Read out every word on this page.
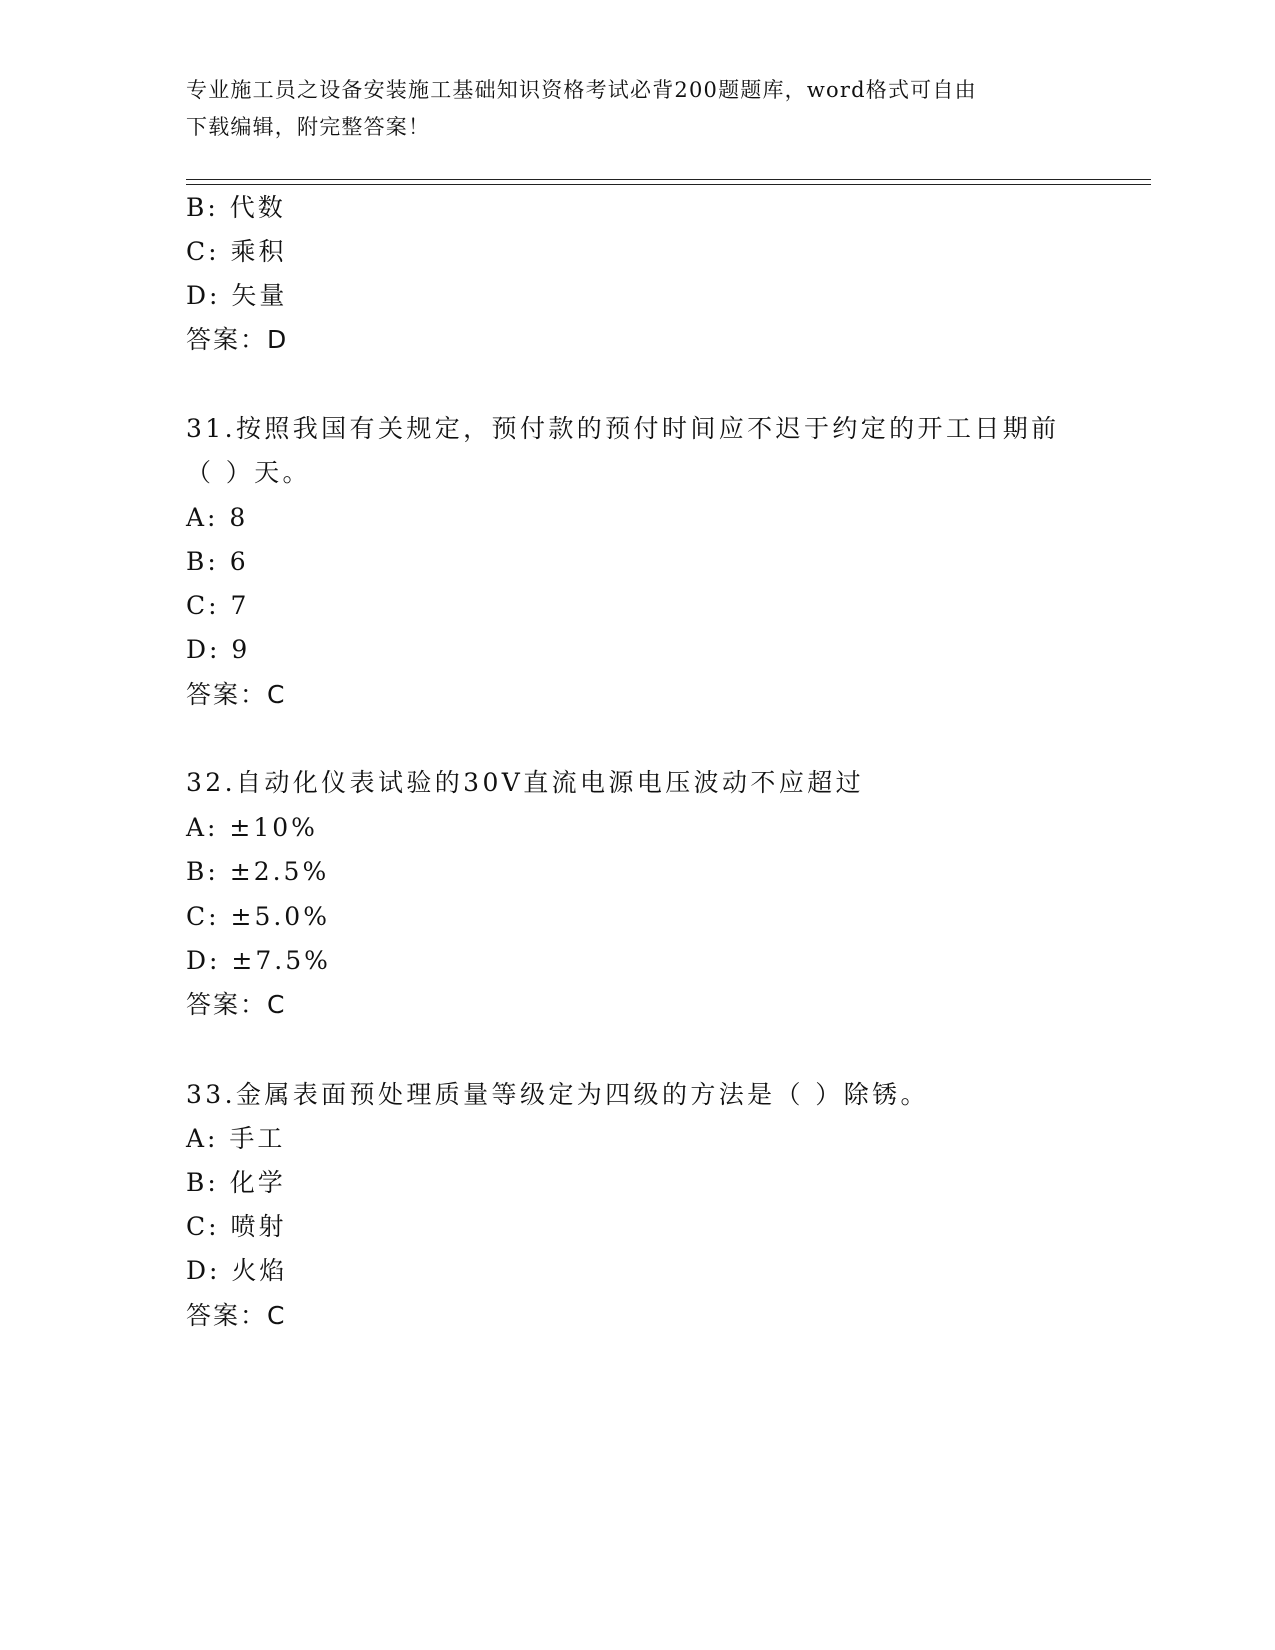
专业施工员之设备安装施工基础知识资格考试必背200题题库，word格式可自由
下载编辑，附完整答案！
B: 代数
C: 乘积
D: 矢量
答案：D
31.按照我国有关规定，预付款的预付时间应不迟于约定的开工日期前
（ ）天。
A: 8
B: 6
C: 7
D: 9
答案：C
32.自动化仪表试验的30V直流电源电压波动不应超过
A: ±10%
B: ±2.5%
C: ±5.0%
D: ±7.5%
答案：C
33.金属表面预处理质量等级定为四级的方法是（ ）除锈。
A: 手工
B: 化学
C: 喷射
D: 火焰
答案：C
